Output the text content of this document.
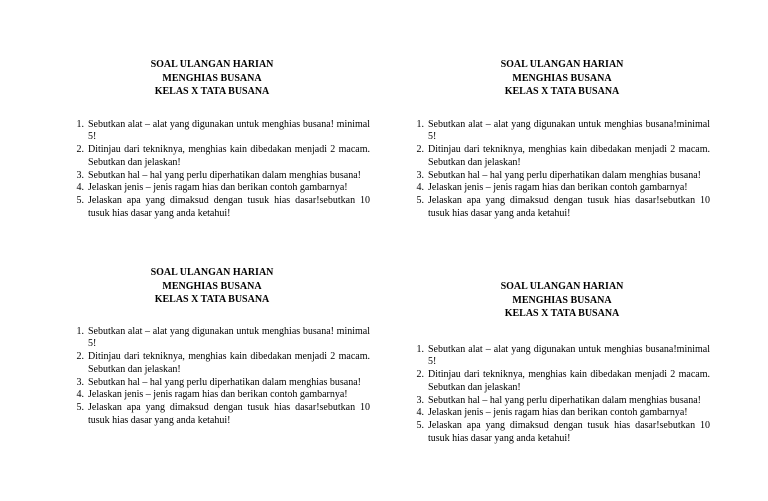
SOAL ULANGAN HARIAN
MENGHIAS BUSANA
KELAS X TATA BUSANA
1. Sebutkan alat – alat yang digunakan untuk menghias busana! minimal 5!
2. Ditinjau dari tekniknya, menghias kain dibedakan menjadi 2 macam. Sebutkan dan jelaskan!
3. Sebutkan hal – hal yang perlu diperhatikan dalam menghias busana!
4. Jelaskan jenis – jenis ragam hias dan berikan contoh gambarnya!
5. Jelaskan apa yang dimaksud dengan tusuk hias dasar!sebutkan 10 tusuk hias dasar yang anda ketahui!
SOAL ULANGAN HARIAN
MENGHIAS BUSANA
KELAS X TATA BUSANA
1. Sebutkan alat – alat yang digunakan untuk menghias busana!minimal 5!
2. Ditinjau dari tekniknya, menghias kain dibedakan menjadi 2 macam. Sebutkan dan jelaskan!
3. Sebutkan hal – hal yang perlu diperhatikan dalam menghias busana!
4. Jelaskan jenis – jenis ragam hias dan berikan contoh gambarnya!
5. Jelaskan apa yang dimaksud dengan tusuk hias dasar!sebutkan 10 tusuk hias dasar yang anda ketahui!
SOAL ULANGAN HARIAN
MENGHIAS BUSANA
KELAS X TATA BUSANA
1. Sebutkan alat – alat yang digunakan untuk menghias busana! minimal 5!
2. Ditinjau dari tekniknya, menghias kain dibedakan menjadi 2 macam. Sebutkan dan jelaskan!
3. Sebutkan hal – hal yang perlu diperhatikan dalam menghias busana!
4. Jelaskan jenis – jenis ragam hias dan berikan contoh gambarnya!
5. Jelaskan apa yang dimaksud dengan tusuk hias dasar!sebutkan 10 tusuk hias dasar yang anda ketahui!
SOAL ULANGAN HARIAN
MENGHIAS BUSANA
KELAS X TATA BUSANA
1. Sebutkan alat – alat yang digunakan untuk menghias busana!minimal 5!
2. Ditinjau dari tekniknya, menghias kain dibedakan menjadi 2 macam. Sebutkan dan jelaskan!
3. Sebutkan hal – hal yang perlu diperhatikan dalam menghias busana!
4. Jelaskan jenis – jenis ragam hias dan berikan contoh gambarnya!
5. Jelaskan apa yang dimaksud dengan tusuk hias dasar!sebutkan 10 tusuk hias dasar yang anda ketahui!
